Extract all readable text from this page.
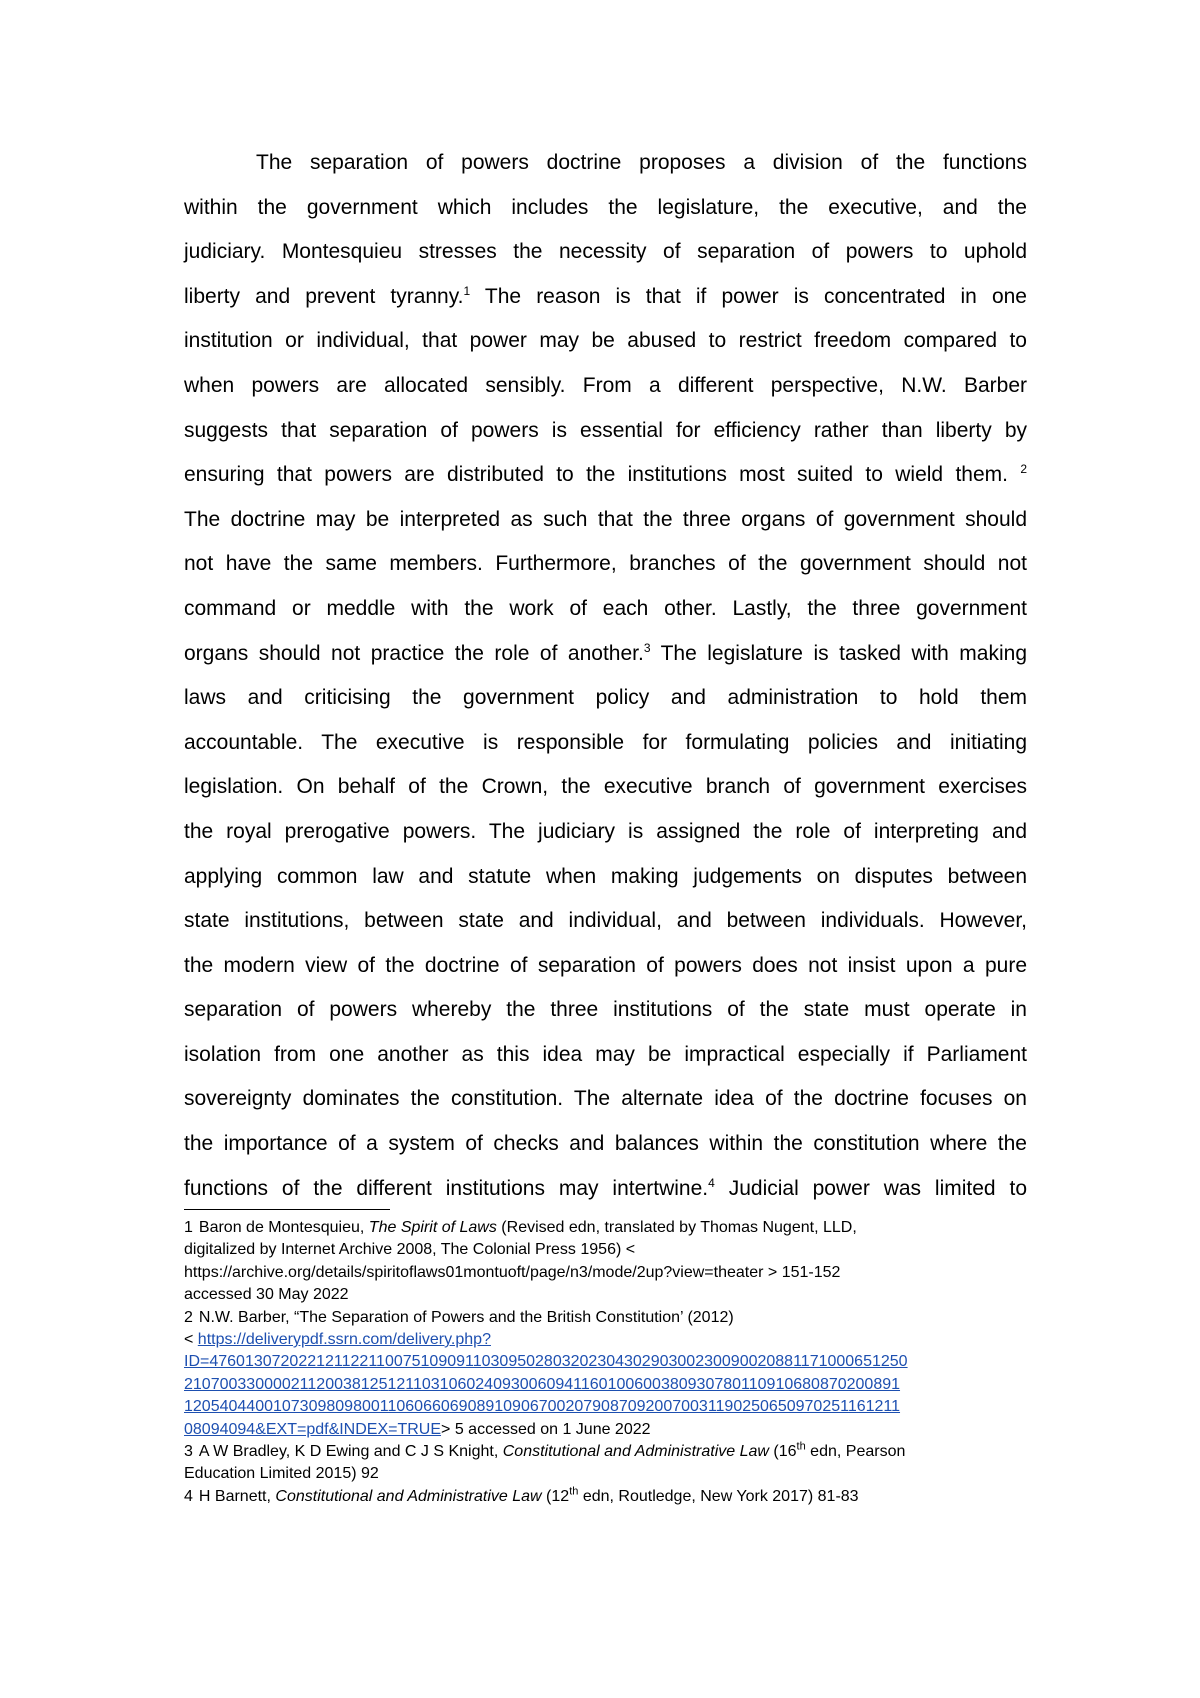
The separation of powers doctrine proposes a division of the functions
within the government which includes the legislature, the executive, and the
judiciary. Montesquieu stresses the necessity of separation of powers to uphold
liberty and prevent tyranny.$^1$ The reason is that if power is concentrated in one
institution or individual, that power may be abused to restrict freedom compared to
when powers are allocated sensibly. From a different perspective, N.W. Barber
suggests that separation of powers is essential for efficiency rather than liberty by
ensuring that powers are distributed to the institutions most suited to wield them. $^2$
The doctrine may be interpreted as such that the three organs of government should
not have the same members. Furthermore, branches of the government should not
command or meddle with the work of each other. Lastly, the three government
organs should not practice the role of another.$^3$ The legislature is tasked with making
laws and criticising the government policy and administration to hold them
accountable. The executive is responsible for formulating policies and initiating
legislation. On behalf of the Crown, the executive branch of government exercises
the royal prerogative powers. The judiciary is assigned the role of interpreting and
applying common law and statute when making judgements on disputes between
state institutions, between state and individual, and between individuals. However,
the modern view of the doctrine of separation of powers does not insist upon a pure
separation of powers whereby the three institutions of the state must operate in
isolation from one another as this idea may be impractical especially if Parliament
sovereignty dominates the constitution. The alternate idea of the doctrine focuses on
the importance of a system of checks and balances within the constitution where the
functions of the different institutions may intertwine.$^4$ Judicial power was limited to
1 Baron de Montesquieu, The Spirit of Laws (Revised edn, translated by Thomas Nugent, LLD,
digitalized by Internet Archive 2008, The Colonial Press 1956) <
https://archive.org/details/spiritoflaws01montuoft/page/n3/mode/2up?view=theater > 151-152
accessed 30 May 2022
2 N.W. Barber, “The Separation of Powers and the British Constitution’ (2012)
< https://deliverypdf.ssrn.com/delivery.php?
ID=476013072022121122110075109091103095028032023043029030023009002088117100065125​0
210700330000211200381251211031060240930060941160100600380930780110910680870200891
120540440010730980980011060660690891090670020790870920070031190250650970251161211
08094094&EXT=pdf&INDEX=TRUE> 5 accessed on 1 June 2022
3 A W Bradley, K D Ewing and C J S Knight, Constitutional and Administrative Law (16th edn, Pearson
Education Limited 2015) 92
4 H Barnett, Constitutional and Administrative Law (12th edn, Routledge, New York 2017) 81-83
